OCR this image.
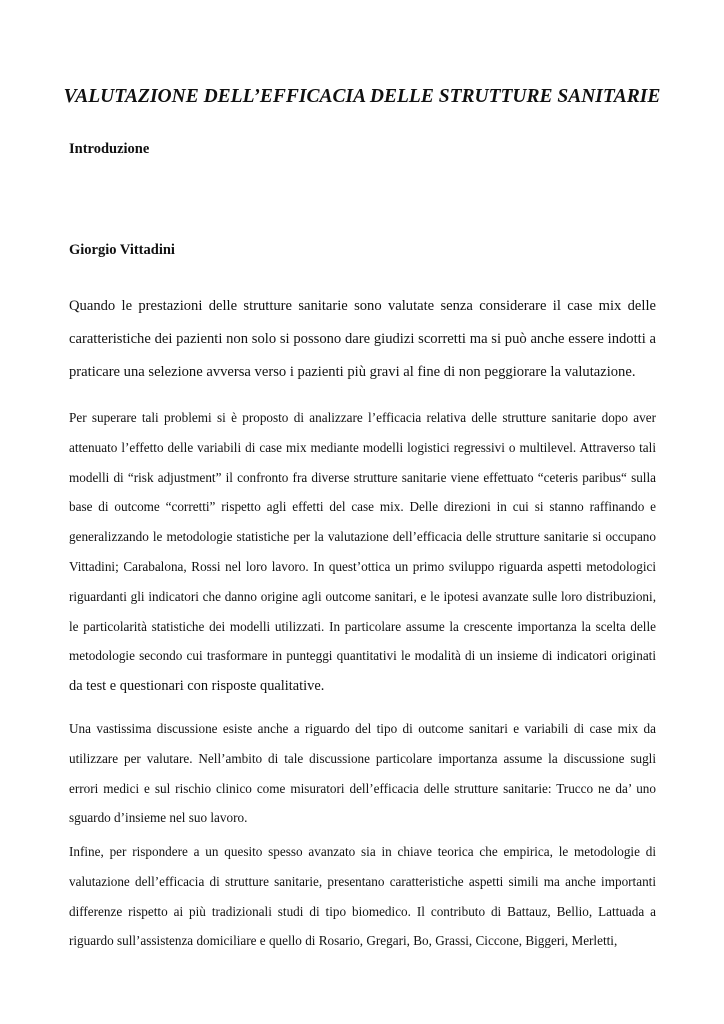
VALUTAZIONE DELL’EFFICACIA DELLE STRUTTURE SANITARIE
Introduzione
Giorgio Vittadini

Quando le prestazioni delle strutture sanitarie sono valutate senza considerare il case mix delle caratteristiche dei pazienti non solo si possono dare giudizi scorretti ma si può anche essere indotti a praticare una selezione avversa verso i pazienti più gravi al fine di non peggiorare la valutazione.

Per superare tali problemi si è proposto di analizzare l’efficacia relativa delle strutture sanitarie dopo aver attenuato l’effetto delle variabili di case mix mediante modelli logistici regressivi o multilevel. Attraverso tali modelli di “risk adjustment” il confronto fra diverse strutture sanitarie viene effettuato “ceteris paribus“ sulla base di outcome “corretti” rispetto agli effetti del case mix. Delle direzioni in cui si stanno raffinando e generalizzando le metodologie statistiche per la valutazione dell’efficacia delle strutture sanitarie si occupano Vittadini; Carabalona, Rossi nel loro lavoro. In quest’ottica un primo sviluppo riguarda aspetti metodologici riguardanti gli indicatori che danno origine agli outcome sanitari, e le ipotesi avanzate sulle loro distribuzioni, le particolarità statistiche dei modelli utilizzati. In particolare assume la crescente importanza la scelta delle metodologie secondo cui trasformare in punteggi quantitativi le modalità di un insieme di indicatori originati da test e questionari con risposte qualitative.

Una vastissima discussione esiste anche a riguardo del tipo di outcome sanitari e variabili di case mix da utilizzare per valutare. Nell’ambito di tale discussione particolare importanza assume la discussione sugli errori medici e sul rischio clinico come misuratori dell’efficacia delle strutture sanitarie: Trucco ne da’ uno sguardo d’insieme nel suo lavoro.

Infine, per rispondere a un quesito spesso avanzato sia in chiave teorica che empirica, le metodologie di valutazione dell’efficacia di strutture sanitarie, presentano caratteristiche aspetti simili ma anche importanti differenze rispetto ai più tradizionali studi di tipo biomedico. Il contributo di Battauz, Bellio, Lattuada a riguardo sull’assistenza domiciliare e quello di Rosario, Gregari, Bo, Grassi, Ciccone, Biggeri, Merletti,
